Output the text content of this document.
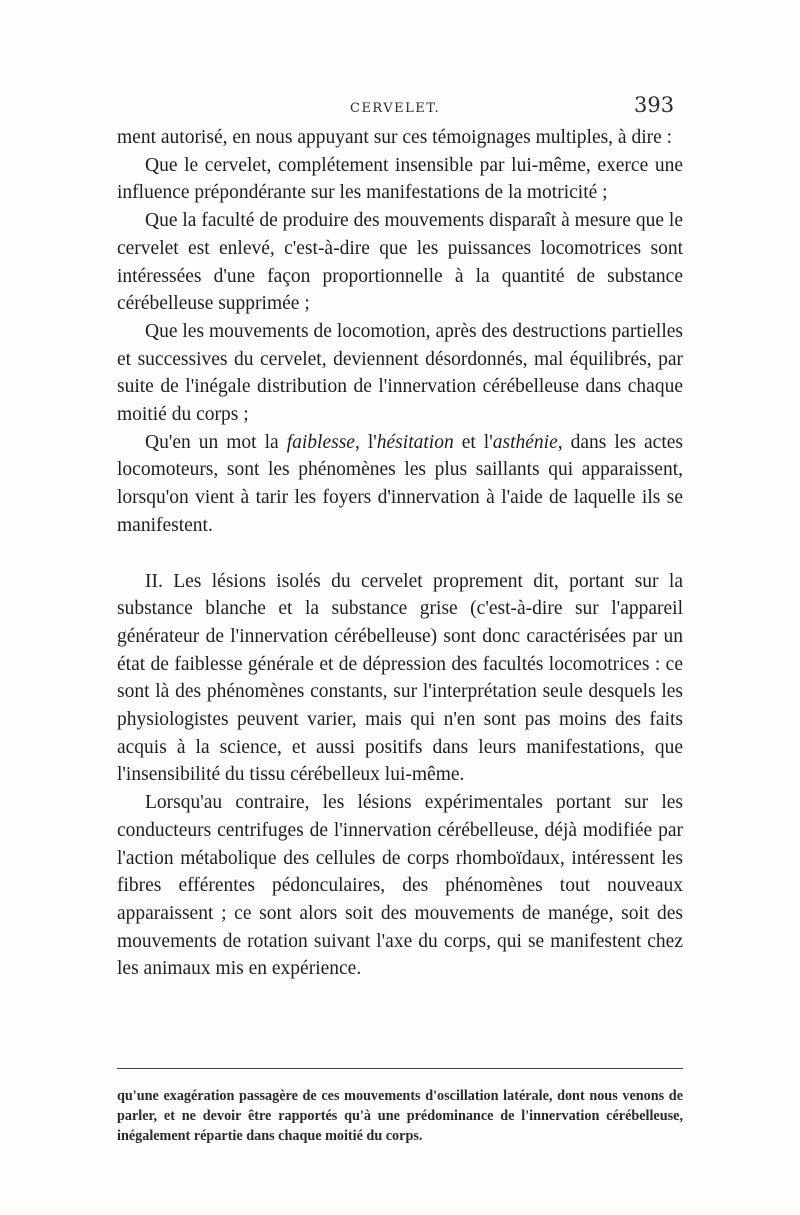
CERVELET.	393

ment autorisé, en nous appuyant sur ces témoignages multiples, à dire :

Que le cervelet, complétement insensible par lui-même, exerce une influence prépondérante sur les manifestations de la motricité ;

Que la faculté de produire des mouvements disparaît à mesure que le cervelet est enlevé, c'est-à-dire que les puissances locomotrices sont intéressées d'une façon proportionnelle à la quantité de substance cérébelleuse supprimée ;

Que les mouvements de locomotion, après des destructions partielles et successives du cervelet, deviennent désordonnés, mal équilibrés, par suite de l'inégale distribution de l'innervation cérébelleuse dans chaque moitié du corps ;

Qu'en un mot la faiblesse, l'hésitation et l'asthénie, dans les actes locomoteurs, sont les phénomènes les plus saillants qui apparaissent, lorsqu'on vient à tarir les foyers d'innervation à l'aide de laquelle ils se manifestent.

II. Les lésions isolés du cervelet proprement dit, portant sur la substance blanche et la substance grise (c'est-à-dire sur l'appareil générateur de l'innervation cérébelleuse) sont donc caractérisées par un état de faiblesse générale et de dépression des facultés locomotrices : ce sont là des phénomènes constants, sur l'interprétation seule desquels les physiologistes peuvent varier, mais qui n'en sont pas moins des faits acquis à la science, et aussi positifs dans leurs manifestations, que l'insensibilité du tissu cérébelleux lui-même.

Lorsqu'au contraire, les lésions expérimentales portant sur les conducteurs centrifuges de l'innervation cérébelleuse, déjà modifiée par l'action métabolique des cellules de corps rhomboïdaux, intéressent les fibres efférentes pédonculaires, des phénomènes tout nouveaux apparaissent ; ce sont alors soit des mouvements de manége, soit des mouvements de rotation suivant l'axe du corps, qui se manifestent chez les animaux mis en expérience.

qu'une exagération passagère de ces mouvements d'oscillation latérale, dont nous venons de parler, et ne devoir être rapportés qu'à une prédominance de l'innervation cérébelleuse, inégalement répartie dans chaque moitié du corps.
